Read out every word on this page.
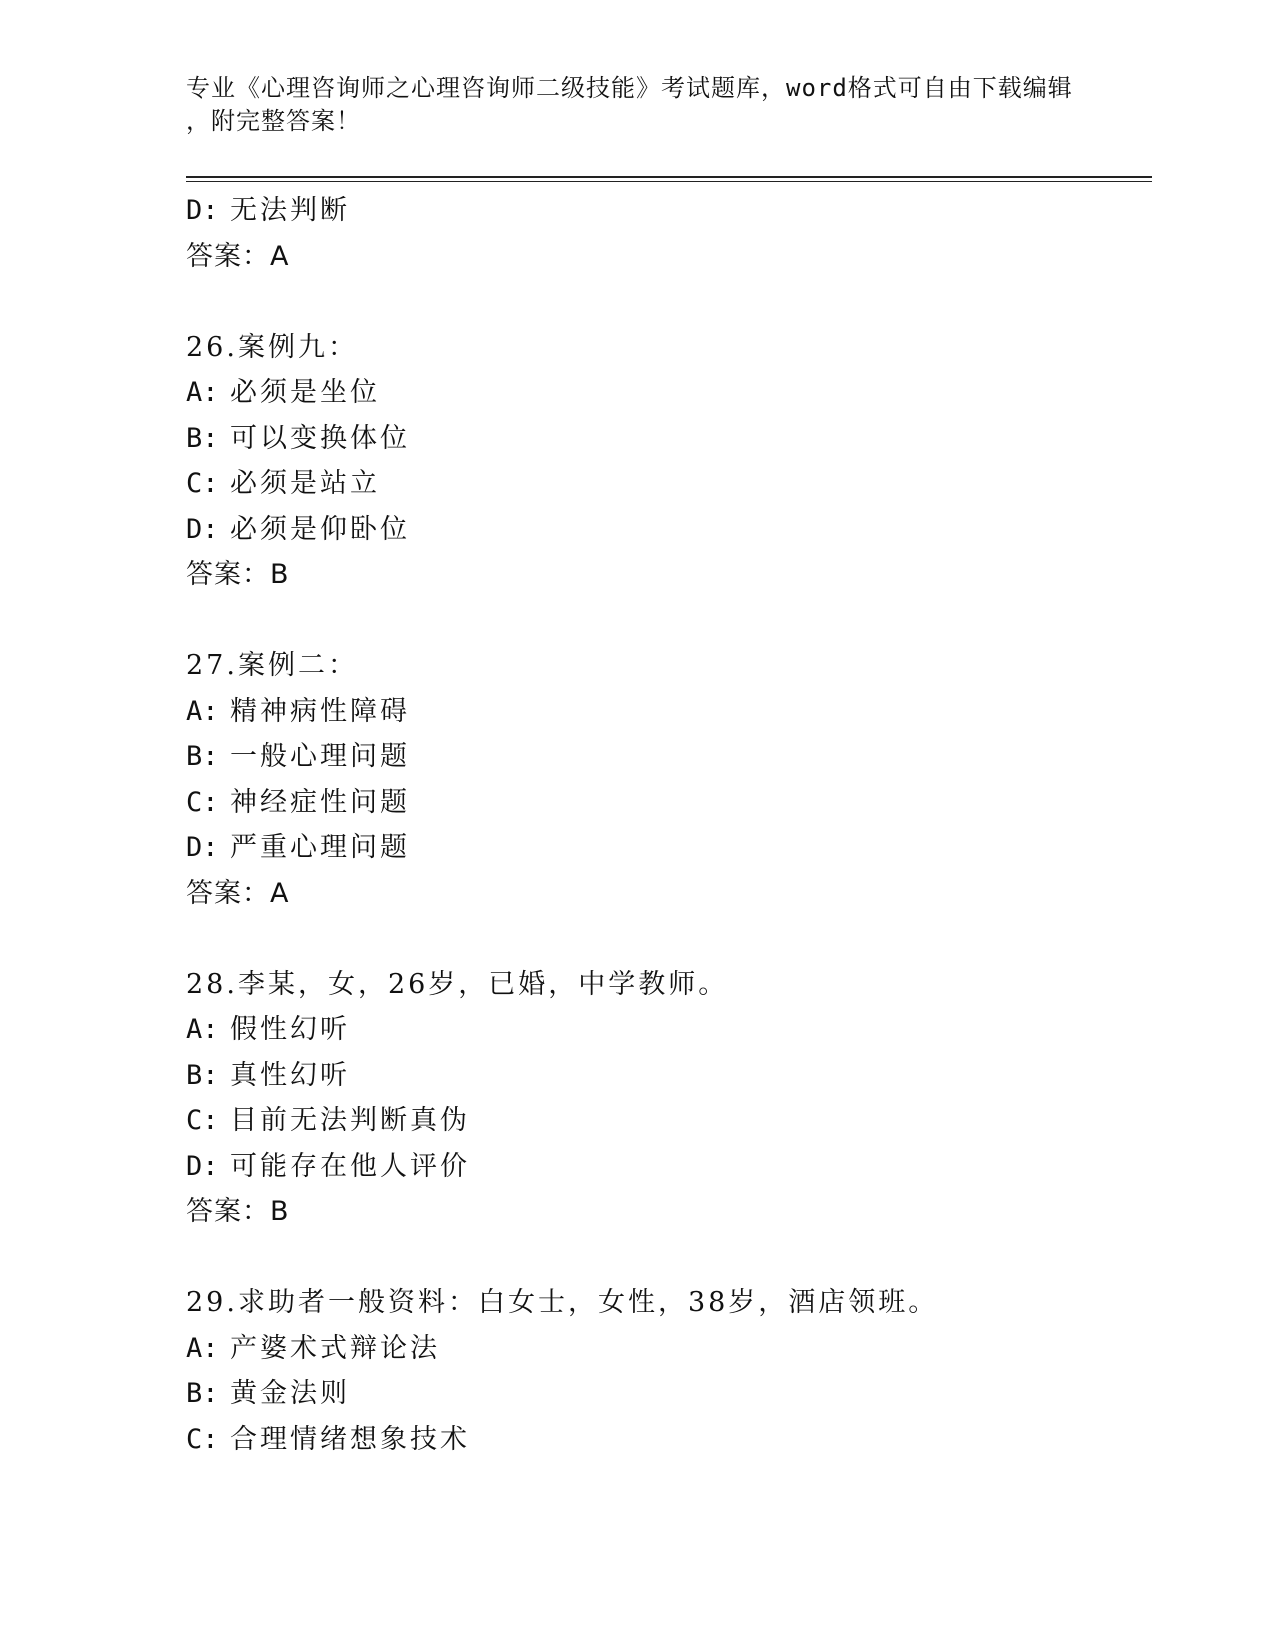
专业《心理咨询师之心理咨询师二级技能》考试题库，word格式可自由下载编辑
，附完整答案！
D: 无法判断
答案：A
26.案例九：
A: 必须是坐位
B: 可以变换体位
C: 必须是站立
D: 必须是仰卧位
答案：B
27.案例二：
A: 精神病性障碍
B: 一般心理问题
C: 神经症性问题
D: 严重心理问题
答案：A
28.李某，女，26岁，已婚，中学教师。
A: 假性幻听
B: 真性幻听
C: 目前无法判断真伪
D: 可能存在他人评价
答案：B
29.求助者一般资料：白女士，女性，38岁，酒店领班。
A: 产婆术式辩论法
B: 黄金法则
C: 合理情绪想象技术
